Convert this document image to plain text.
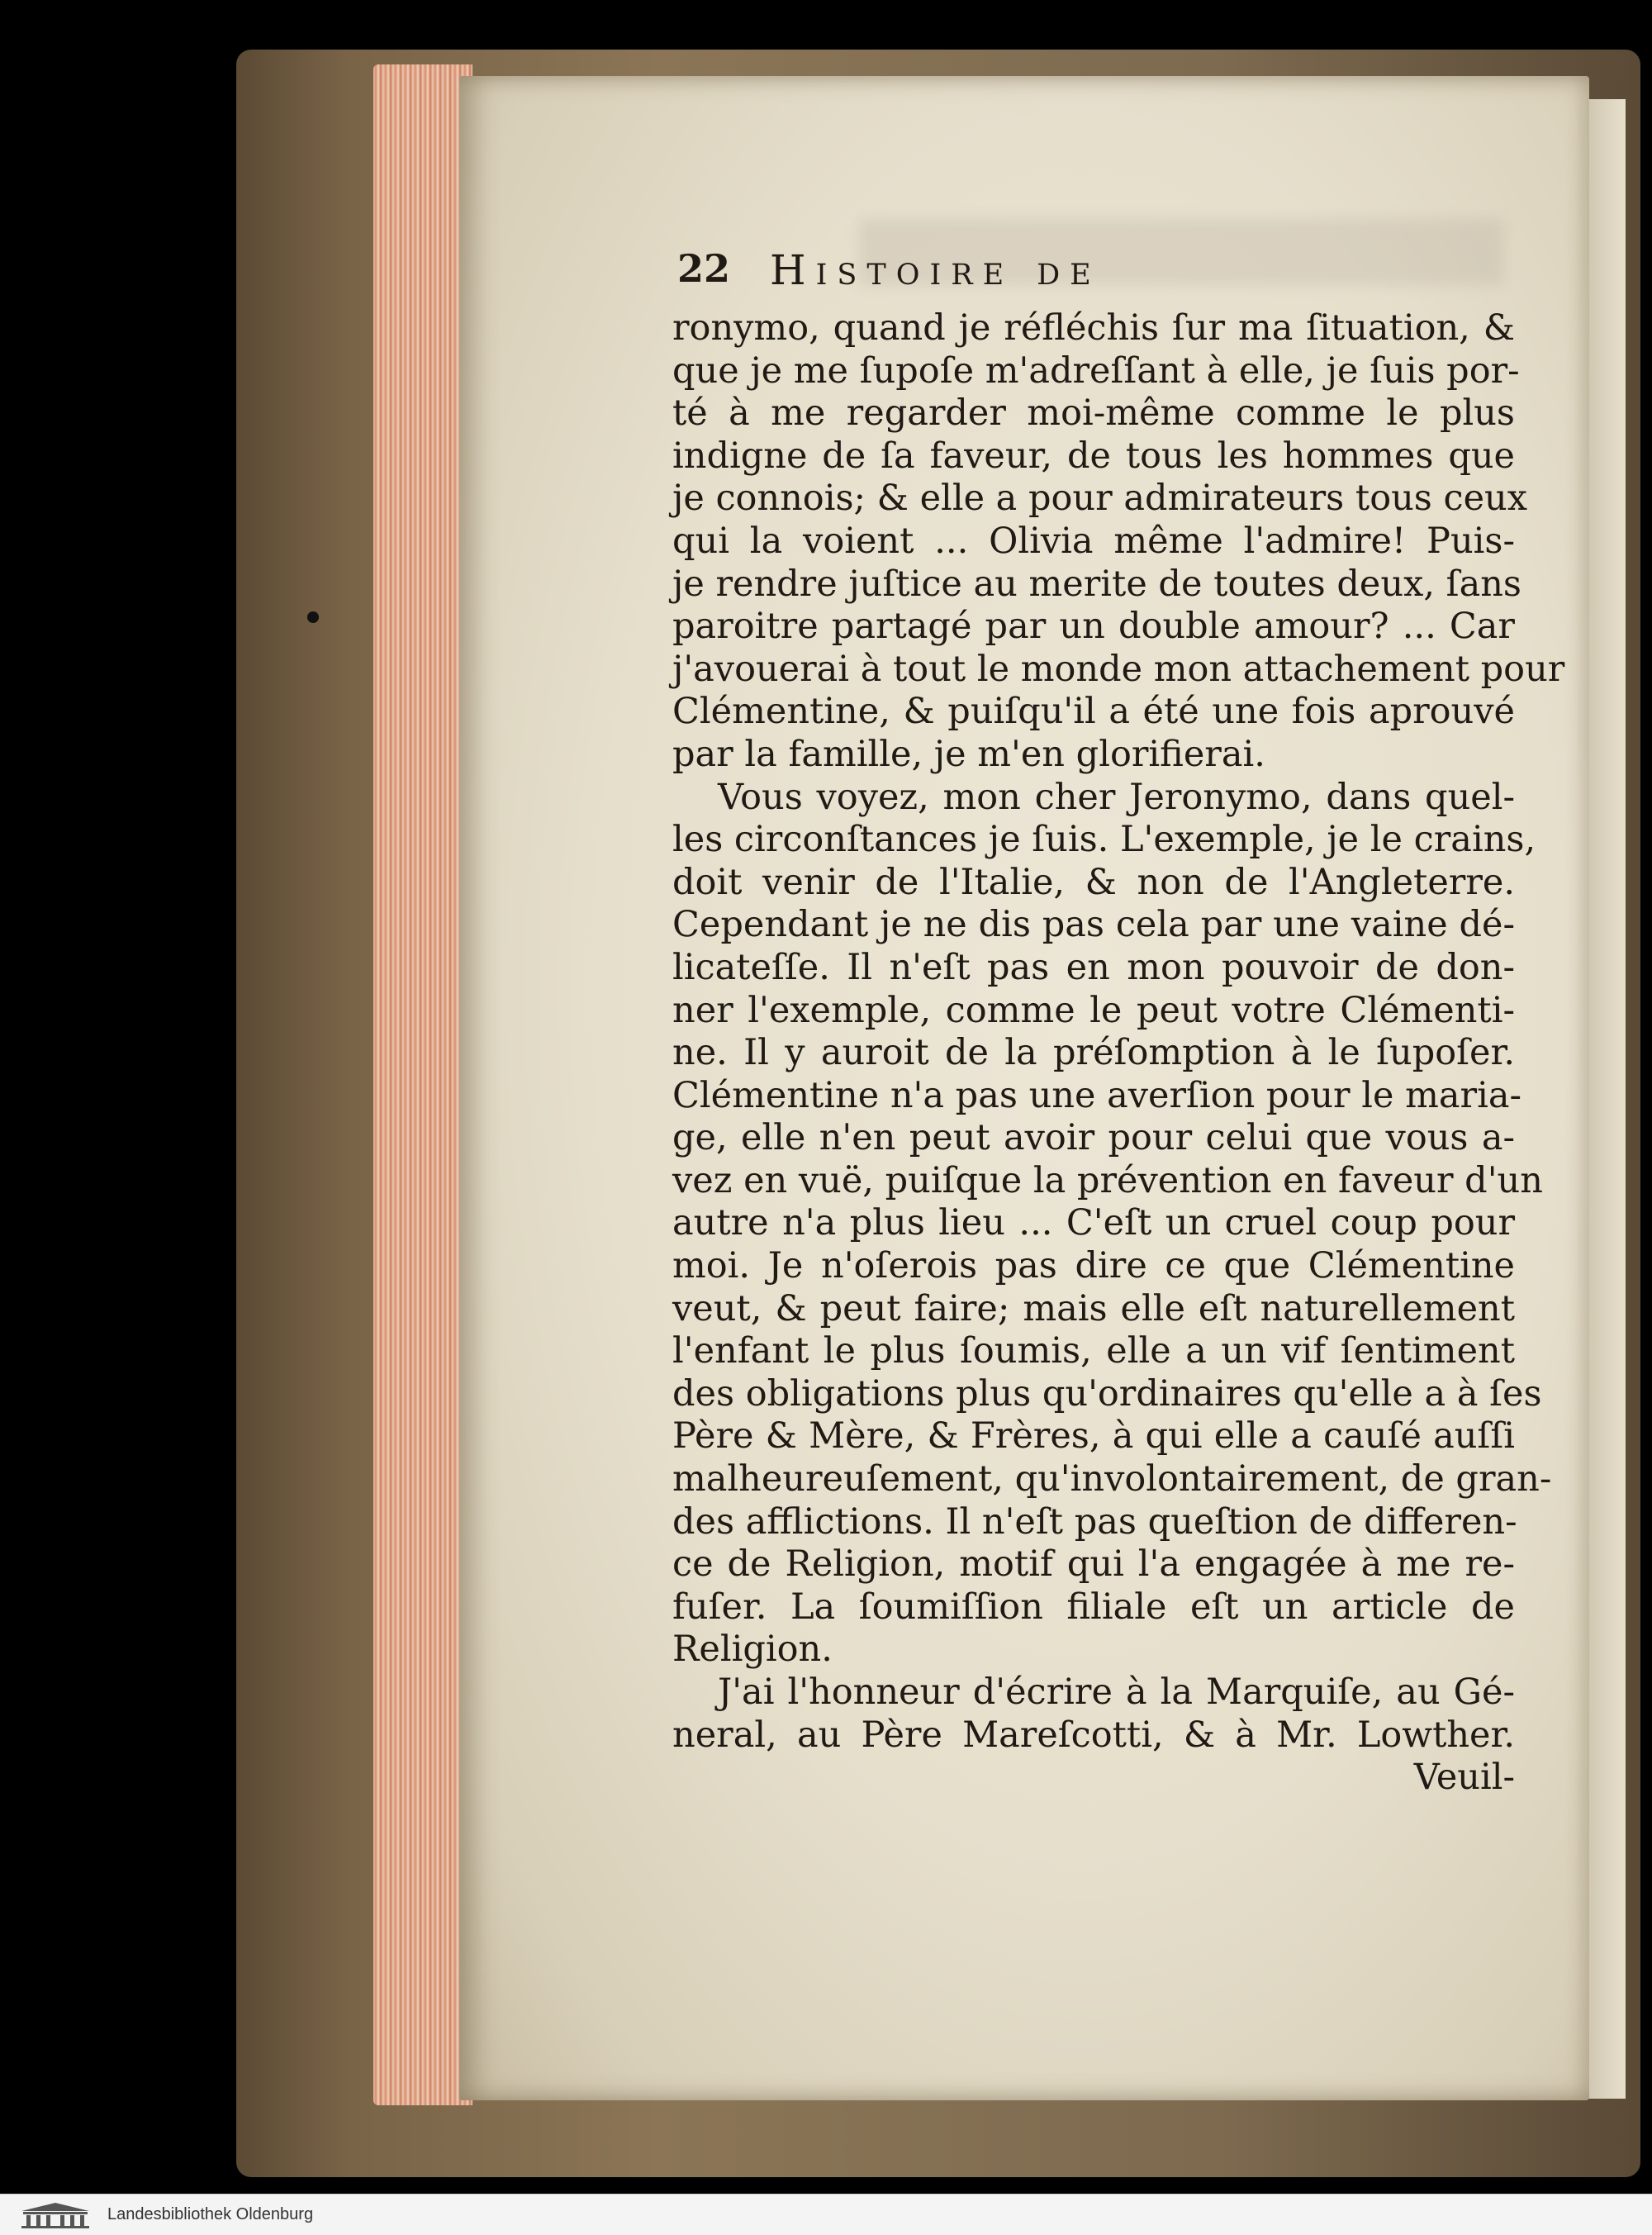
22 Histoire de
ronymo, quand je réfléchis ſur ma ſituation, &
que je me ſupoſe m'adreſſant à elle, je ſuis por-
té à me regarder moi-même comme le plus
indigne de ſa faveur, de tous les hommes que
je connois; & elle a pour admirateurs tous ceux
qui la voient ... Olivia même l'admire! Puis-
je rendre juſtice au merite de toutes deux, ſans
paroitre partagé par un double amour? ... Car
j'avouerai à tout le monde mon attachement pour
Clémentine, & puiſqu'il a été une fois aprouvé
par la famille, je m'en glorifierai.
Vous voyez, mon cher Jeronymo, dans quel-
les circonſtances je ſuis. L'exemple, je le crains,
doit venir de l'Italie, & non de l'Angleterre.
Cependant je ne dis pas cela par une vaine dé-
licateſſe. Il n'eſt pas en mon pouvoir de don-
ner l'exemple, comme le peut votre Clémenti-
ne. Il y auroit de la préſomption à le ſupoſer.
Clémentine n'a pas une averſion pour le maria-
ge, elle n'en peut avoir pour celui que vous a-
vez en vuë, puiſque la prévention en faveur d'un
autre n'a plus lieu ... C'eſt un cruel coup pour
moi. Je n'oſerois pas dire ce que Clémentine
veut, & peut faire; mais elle eſt naturellement
l'enfant le plus ſoumis, elle a un vif ſentiment
des obligations plus qu'ordinaires qu'elle a à ſes
Père & Mère, & Frères, à qui elle a cauſé auſſi
malheureuſement, qu'involontairement, de gran-
des afflictions. Il n'eſt pas queſtion de differen-
ce de Religion, motif qui l'a engagée à me re-
fuſer. La ſoumiſſion filiale eſt un article de
Religion.
J'ai l'honneur d'écrire à la Marquiſe, au Gé-
neral, au Père Mareſcotti, & à Mr. Lowther.
Veuil-
Landesbibliothek Oldenburg
